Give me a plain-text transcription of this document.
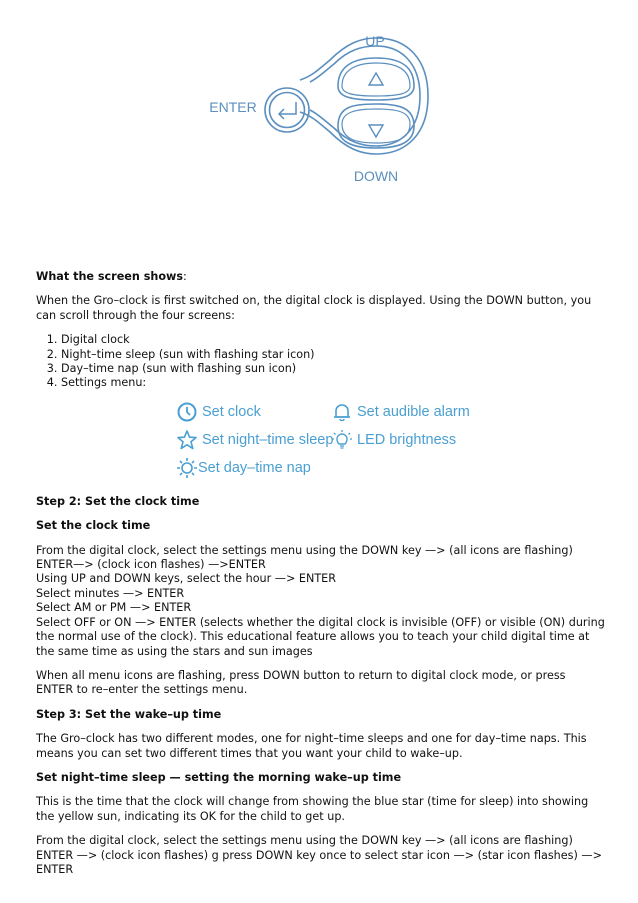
UP
DOWN
ENTER

What the screen shows:

When the Gro–clock is first switched on, the digital clock is displayed. Using the DOWN button, you can scroll through the four screens:

1. Digital clock
2. Night–time sleep (sun with flashing star icon)
3. Day–time nap (sun with flashing sun icon)
4. Settings menu:
Set clock	Set audible alarm
Set night–time sleep LED brightness
Set day–time nap

Step 2: Set the clock time

Set the clock time

From the digital clock, select the settings menu using the DOWN key —> (all icons are flashing)
ENTER—> (clock icon flashes) —>ENTER
Using UP and DOWN keys, select the hour —> ENTER
Select minutes —> ENTER
Select AM or PM —> ENTER
Select OFF or ON —> ENTER (selects whether the digital clock is invisible (OFF) or visible (ON) during the normal use of the clock). This educational feature allows you to teach your child digital time at the same time as using the stars and sun images

When all menu icons are flashing, press DOWN button to return to digital clock mode, or press ENTER to re–enter the settings menu.

Step 3: Set the wake–up time

The Gro–clock has two different modes, one for night–time sleeps and one for day–time naps. This means you can set two different times that you want your child to wake–up.

Set night–time sleep — setting the morning wake–up time

This is the time that the clock will change from showing the blue star (time for sleep) into showing the yellow sun, indicating its OK for the child to get up.

From the digital clock, select the settings menu using the DOWN key —> (all icons are flashing) ENTER —> (clock icon flashes) g press DOWN key once to select star icon —> (star icon flashes) —> ENTER
